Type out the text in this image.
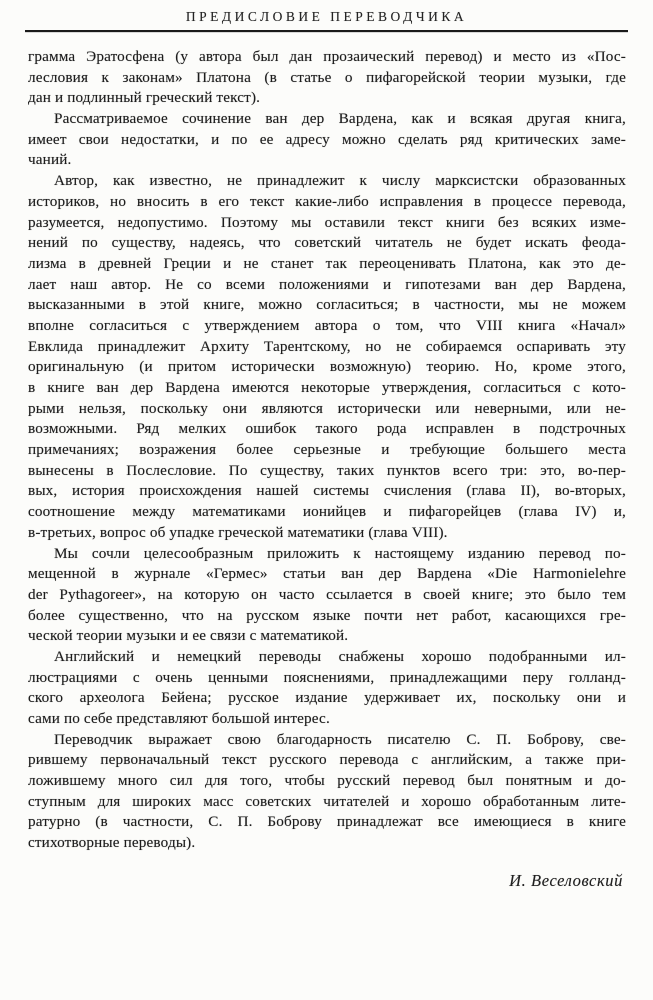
ПРЕДИСЛОВИЕ ПЕРЕВОДЧИКА
грамма Эратосфена (у автора был дан прозаический перевод) и место из «Пос-
лесловия к законам» Платона (в статье о пифагорейской теории музыки, где
дан и подлинный греческий текст).
Рассматриваемое сочинение ван дер Вардена, как и всякая другая книга,
имеет свои недостатки, и по ее адресу можно сделать ряд критических заме-
чаний.
Автор, как известно, не принадлежит к числу марксистски образованных
историков, но вносить в его текст какие-либо исправления в процессе перевода,
разумеется, недопустимо. Поэтому мы оставили текст книги без всяких изме-
нений по существу, надеясь, что советский читатель не будет искать феода-
лизма в древней Греции и не станет так переоценивать Платона, как это де-
лает наш автор. Не со всеми положениями и гипотезами ван дер Вардена,
высказанными в этой книге, можно согласиться; в частности, мы не можем
вполне согласиться с утверждением автора о том, что VIII книга «Начал»
Евклида принадлежит Архиту Тарентскому, но не собираемся оспаривать эту
оригинальную (и притом исторически возможную) теорию. Но, кроме этого,
в книге ван дер Вардена имеются некоторые утверждения, согласиться с кото-
рыми нельзя, поскольку они являются исторически или неверными, или не-
возможными. Ряд мелких ошибок такого рода исправлен в подстрочных
примечаниях; возражения более серьезные и требующие большего места
вынесены в Послесловие. По существу, таких пунктов всего три: это, во-пер-
вых, история происхождения нашей системы счисления (глава II), во-вторых,
соотношение между математиками ионийцев и пифагорейцев (глава IV) и,
в-третьих, вопрос об упадке греческой математики (глава VIII).
Мы сочли целесообразным приложить к настоящему изданию перевод по-
мещенной в журнале «Гермес» статьи ван дер Вардена «Die Harmonielehre
der Pythagoreer», на которую он часто ссылается в своей книге; это было тем
более существенно, что на русском языке почти нет работ, касающихся гре-
ческой теории музыки и ее связи с математикой.
Английский и немецкий переводы снабжены хорошо подобранными ил-
люстрациями с очень ценными пояснениями, принадлежащими перу голланд-
ского археолога Бейена; русское издание удерживает их, поскольку они и
сами по себе представляют большой интерес.
Переводчик выражает свою благодарность писателю С. П. Боброву, све-
рившему первоначальный текст русского перевода с английским, а также при-
ложившему много сил для того, чтобы русский перевод был понятным и до-
ступным для широких масс советских читателей и хорошо обработанным лите-
ратурно (в частности, С. П. Боброву принадлежат все имеющиеся в книге
стихотворные переводы).
И. Веселовский
